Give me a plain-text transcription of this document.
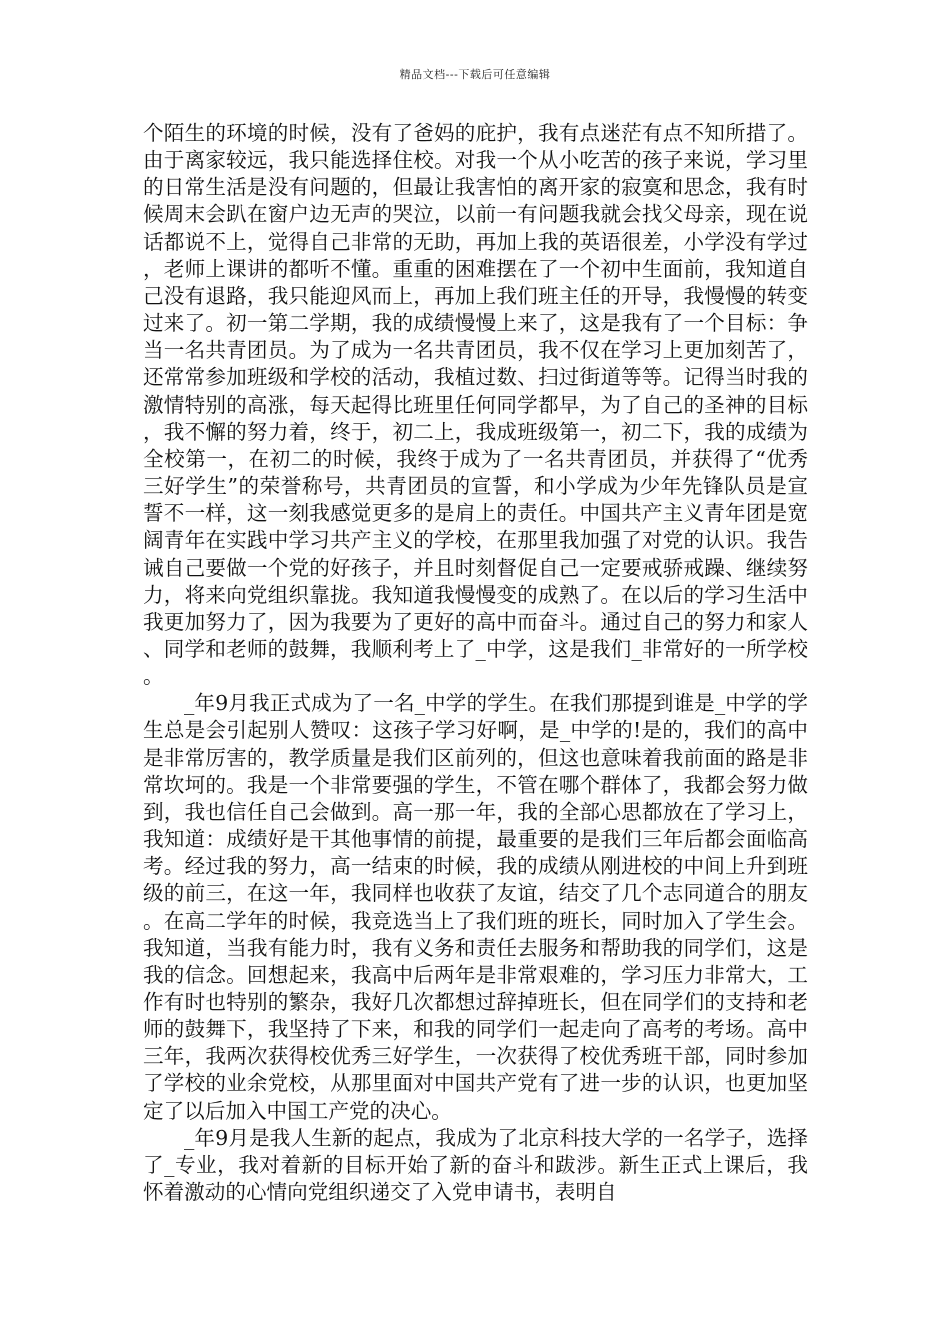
精品文档---下载后可任意编辑

个陌生的环境的时候，没有了爸妈的庇护，我有点迷茫有点不知所措了。由于离家较远，我只能选择住校。对我一个从小吃苦的孩子来说，学习里的日常生活是没有问题的，但最让我害怕的离开家的寂寞和思念，我有时候周末会趴在窗户边无声的哭泣，以前一有问题我就会找父母亲，现在说话都说不上，觉得自己非常的无助，再加上我的英语很差，小学没有学过，老师上课讲的都听不懂。重重的困难摆在了一个初中生面前，我知道自己没有退路，我只能迎风而上，再加上我们班主任的开导，我慢慢的转变过来了。初一第二学期，我的成绩慢慢上来了，这是我有了一个目标：争当一名共青团员。为了成为一名共青团员，我不仅在学习上更加刻苦了，还常常参加班级和学校的活动，我植过数、扫过街道等等。记得当时我的激情特别的高涨，每天起得比班里任何同学都早，为了自己的圣神的目标，我不懈的努力着，终于，初二上，我成班级第一，初二下，我的成绩为全校第一，在初二的时候，我终于成为了一名共青团员，并获得了“优秀三好学生”的荣誉称号，共青团员的宣誓，和小学成为少年先锋队员是宣誓不一样，这一刻我感觉更多的是肩上的责任。中国共产主义青年团是宽阔青年在实践中学习共产主义的学校，在那里我加强了对党的认识。我告诫自己要做一个党的好孩子，并且时刻督促自己一定要戒骄戒躁、继续努力，将来向党组织靠拢。我知道我慢慢变的成熟了。在以后的学习生活中我更加努力了，因为我要为了更好的高中而奋斗。通过自己的努力和家人、同学和老师的鼓舞，我顺利考上了_中学，这是我们_非常好的一所学校。

_年9月我正式成为了一名_中学的学生。在我们那提到谁是_中学的学生总是会引起别人赞叹：这孩子学习好啊，是_中学的!是的，我们的高中是非常厉害的，教学质量是我们区前列的，但这也意味着我前面的路是非常坎坷的。我是一个非常要强的学生，不管在哪个群体了，我都会努力做到，我也信任自己会做到。高一那一年，我的全部心思都放在了学习上，我知道：成绩好是干其他事情的前提，最重要的是我们三年后都会面临高考。经过我的努力，高一结束的时候，我的成绩从刚进校的中间上升到班级的前三，在这一年，我同样也收获了友谊，结交了几个志同道合的朋友。在高二学年的时候，我竞选当上了我们班的班长，同时加入了学生会。我知道，当我有能力时，我有义务和责任去服务和帮助我的同学们，这是我的信念。回想起来，我高中后两年是非常艰难的，学习压力非常大，工作有时也特别的繁杂，我好几次都想过辞掉班长，但在同学们的支持和老师的鼓舞下，我坚持了下来，和我的同学们一起走向了高考的考场。高中三年，我两次获得校优秀三好学生，一次获得了校优秀班干部，同时参加了学校的业余党校，从那里面对中国共产党有了进一步的认识，也更加坚定了以后加入中国工产党的决心。

_年9月是我人生新的起点，我成为了北京科技大学的一名学子，选择了_专业，我对着新的目标开始了新的奋斗和跋涉。新生正式上课后，我怀着激动的心情向党组织递交了入党申请书，表明自
